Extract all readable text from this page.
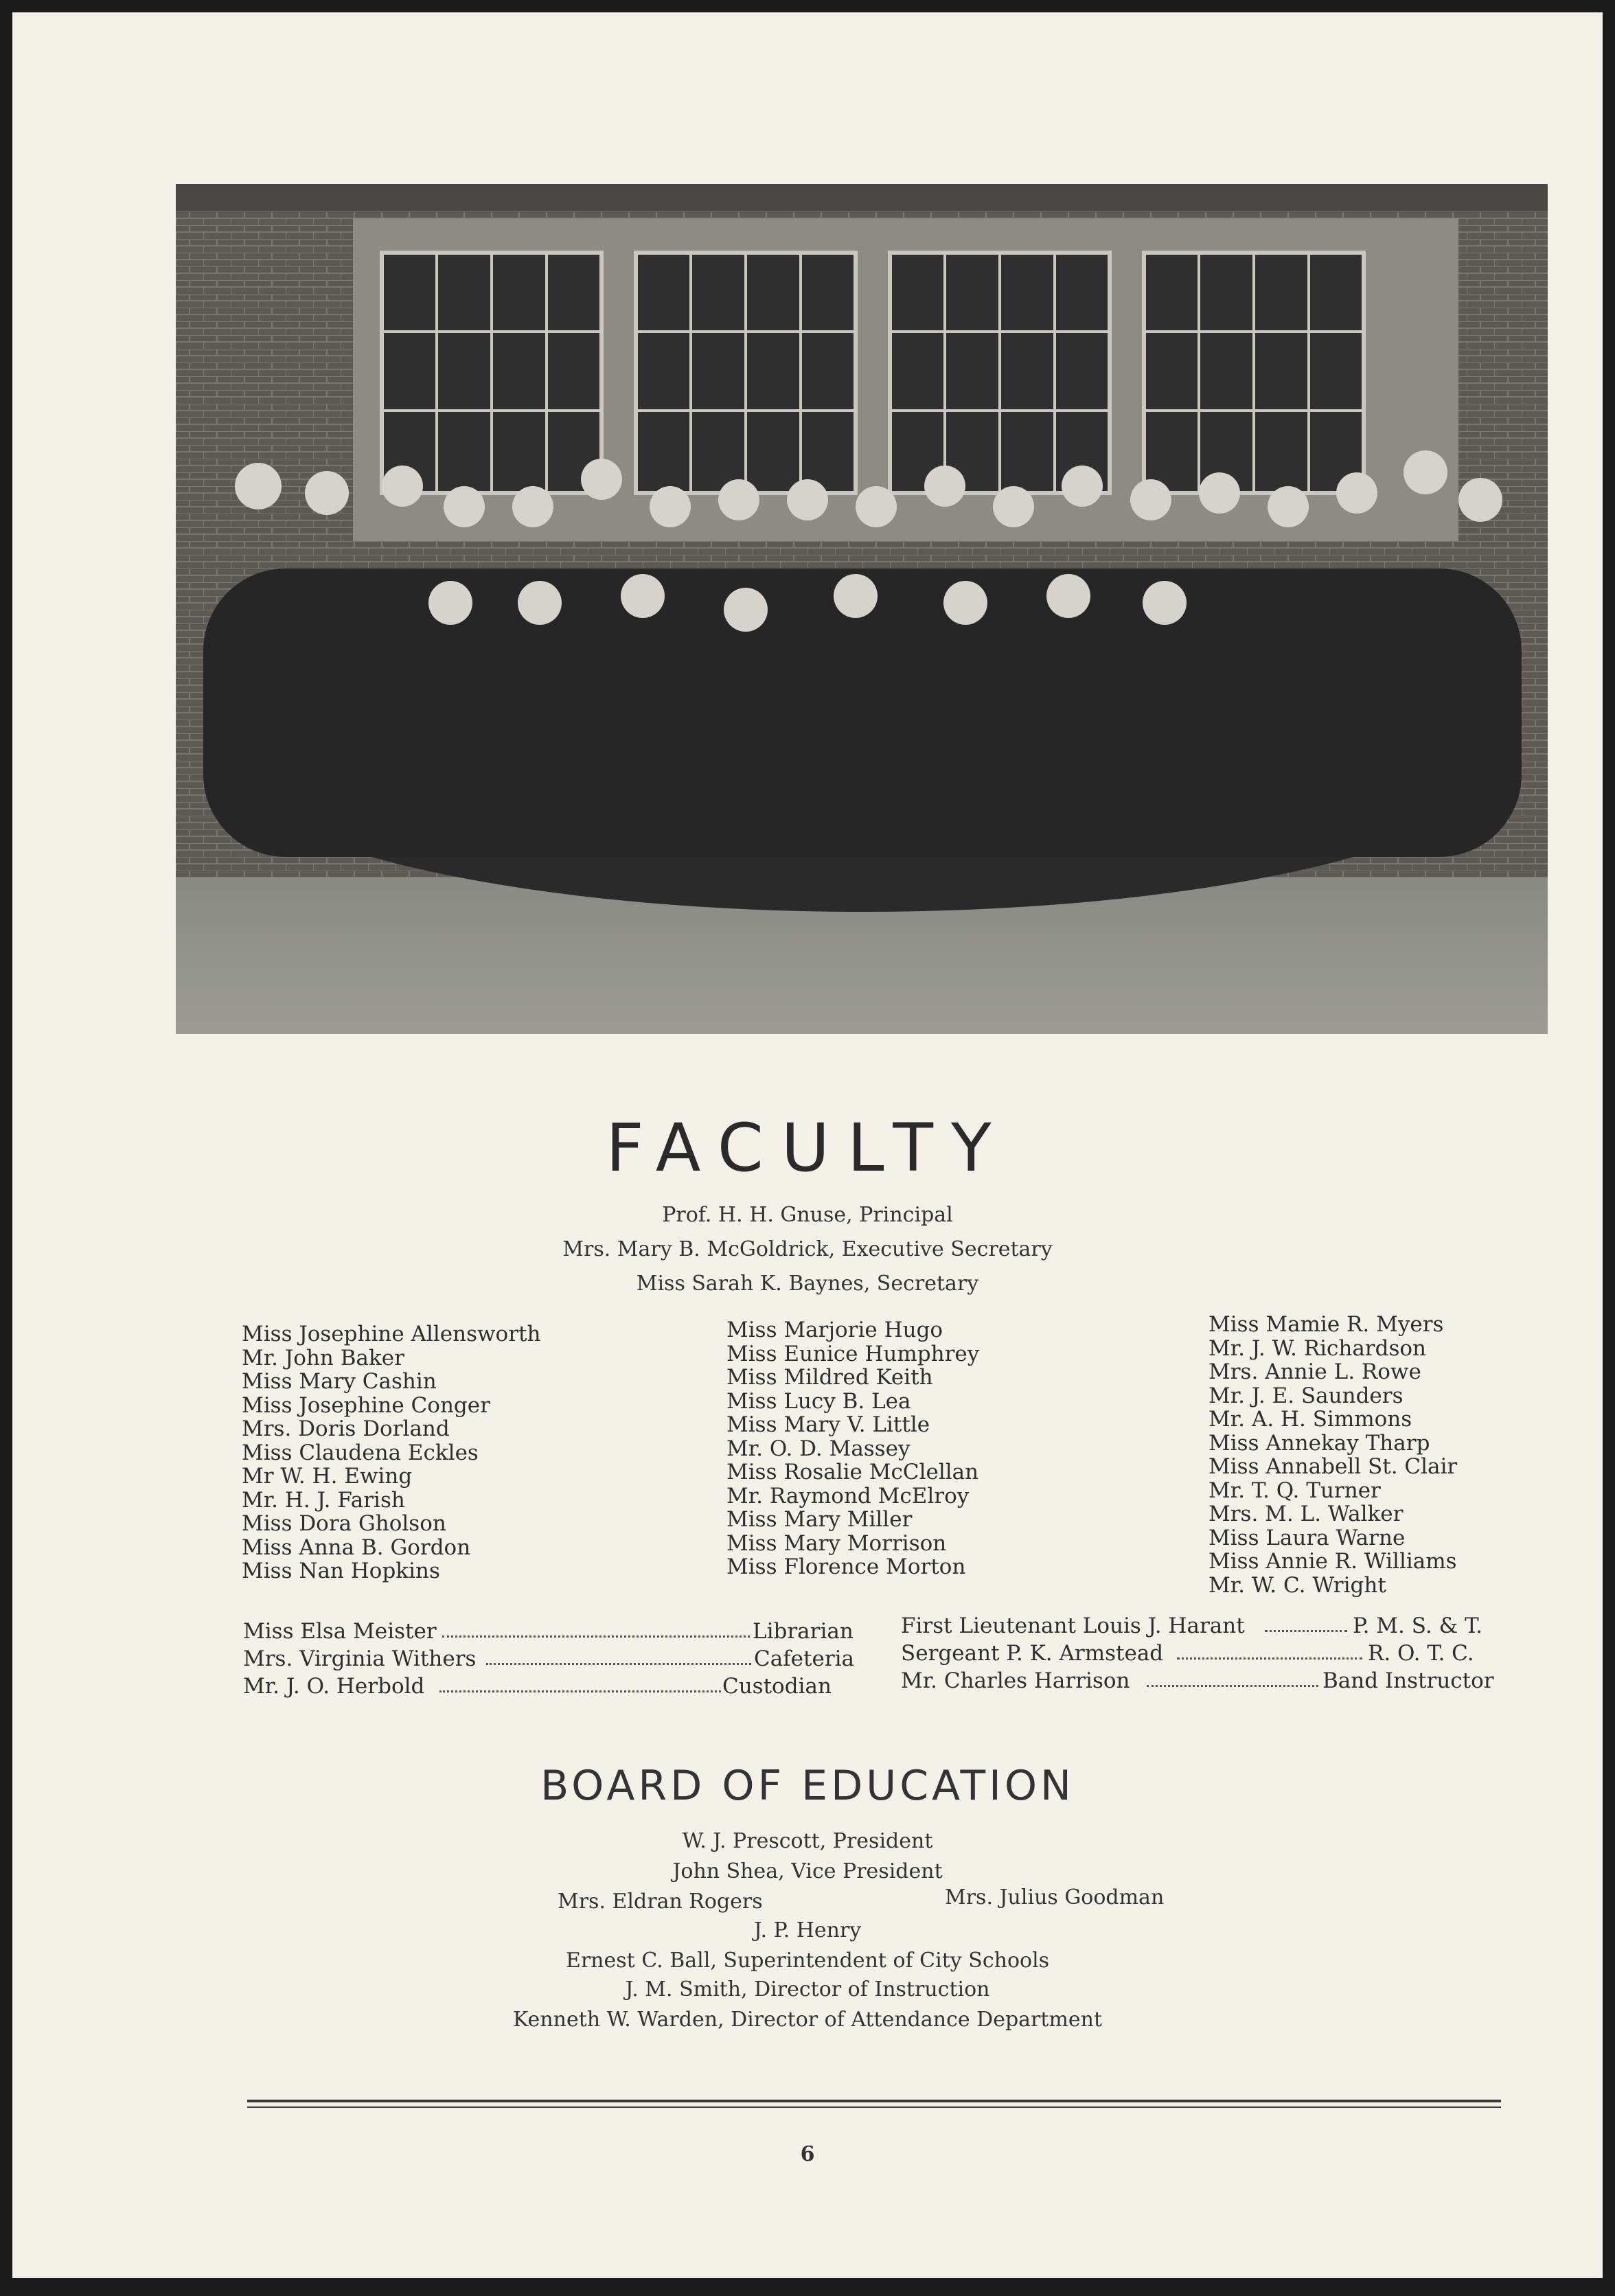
FACULTY
Prof. H. H. Gnuse, Principal
Mrs. Mary B. McGoldrick, Executive Secretary
Miss Sarah K. Baynes, Secretary
Miss Josephine Allensworth
Mr. John Baker
Miss Mary Cashin
Miss Josephine Conger
Mrs. Doris Dorland
Miss Claudena Eckles
Mr W. H. Ewing
Mr. H. J. Farish
Miss Dora Gholson
Miss Anna B. Gordon
Miss Nan Hopkins
Miss Marjorie Hugo
Miss Eunice Humphrey
Miss Mildred Keith
Miss Lucy B. Lea
Miss Mary V. Little
Mr. O. D. Massey
Miss Rosalie McClellan
Mr. Raymond McElroy
Miss Mary Miller
Miss Mary Morrison
Miss Florence Morton
Miss Mamie R. Myers
Mr. J. W. Richardson
Mrs. Annie L. Rowe
Mr. J. E. Saunders
Mr. A. H. Simmons
Miss Annekay Tharp
Miss Annabell St. Clair
Mr. T. Q. Turner
Mrs. M. L. Walker
Miss Laura Warne
Miss Annie R. Williams
Mr. W. C. Wright
Miss Elsa Meister	Librarian
Mrs. Virginia Withers	Cafeteria
Mr. J. O. Herbold	Custodian
First Lieutenant Louis J. Harant	P. M. S. & T.
Sergeant P. K. Armstead	R. O. T. C.
Mr. Charles Harrison	Band Instructor
BOARD OF EDUCATION
W. J. Prescott, President
John Shea, Vice President
Mrs. Eldran Rogers	Mrs. Julius Goodman
J. P. Henry
Ernest C. Ball, Superintendent of City Schools
J. M. Smith, Director of Instruction
Kenneth W. Warden, Director of Attendance Department
6
